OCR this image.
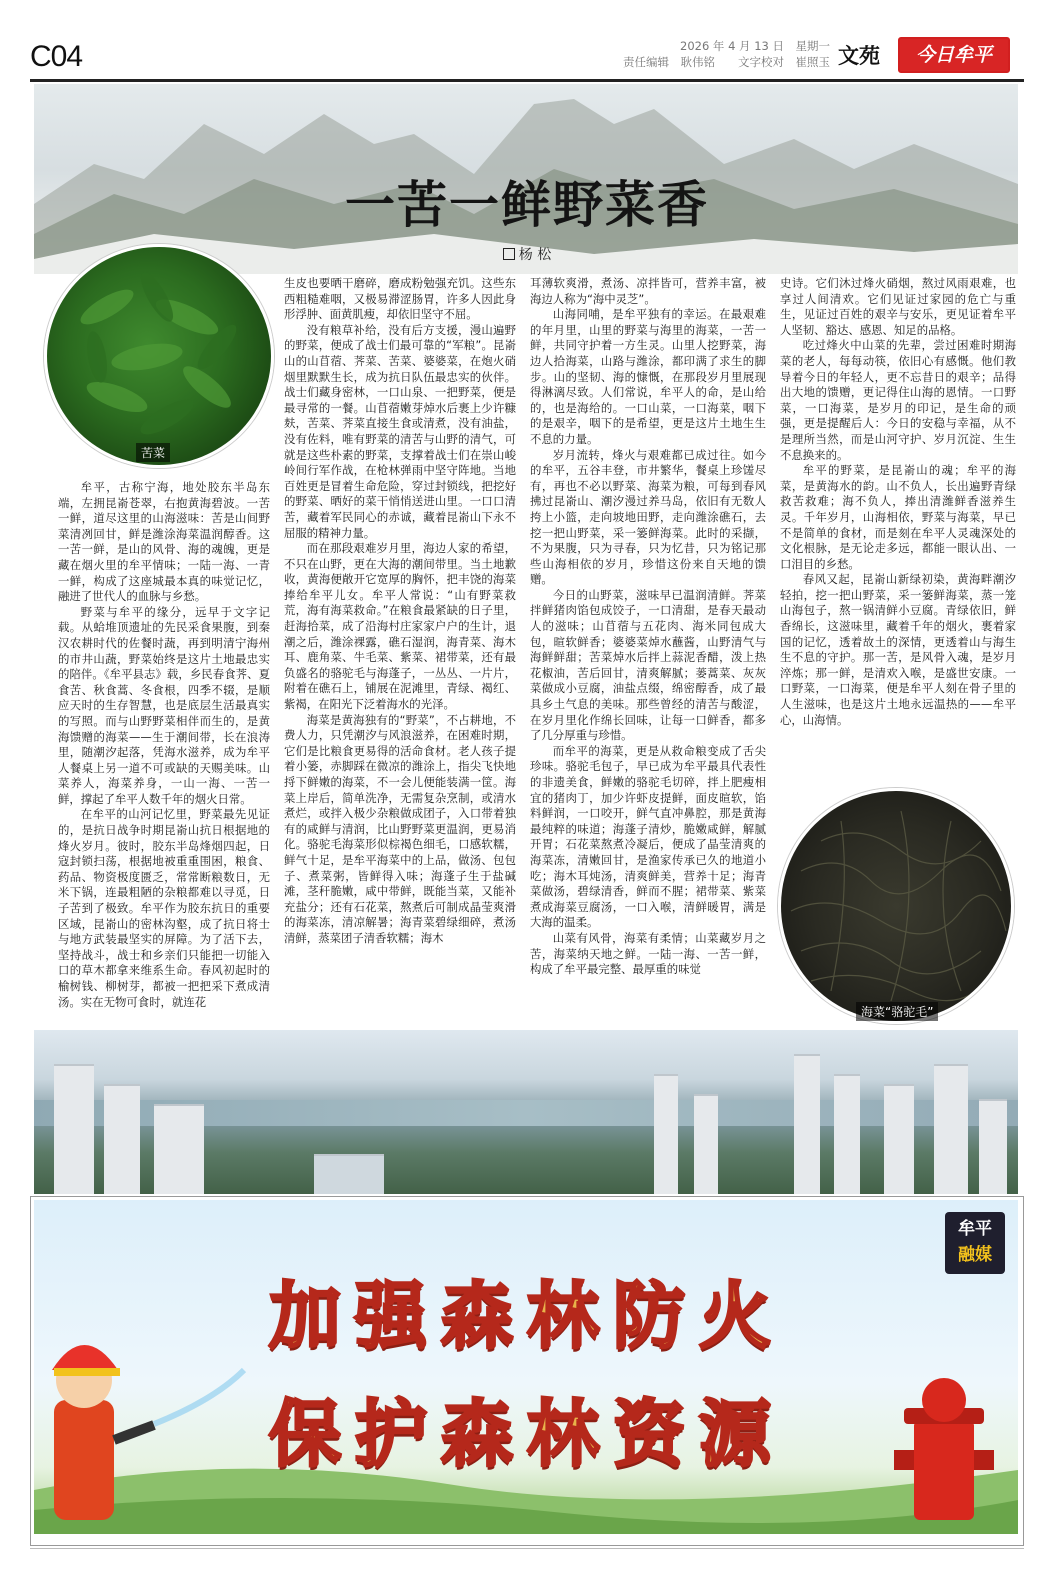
C04	2026 年 4 月 13 日　星期一
责任编辑　耿伟铭　　文字校对　崔照玉 文苑	今日牟平
一苦一鲜野菜香
杨 松
苦菜

牟平，古称宁海，地处胶东半岛东端，左拥昆嵛苍翠，右抱黄海碧波。一苦一鲜，道尽这里的山海滋味：苦是山间野菜清冽回甘，鲜是潍涂海菜温润醇香。这一苦一鲜，是山的风骨、海的魂魄，更是藏在烟火里的牟平情味；一陆一海、一青一鲜，构成了这座城最本真的味觉记忆，融进了世代人的血脉与乡愁。

野菜与牟平的缘分，远早于文字记载。从蛤堆顶遗址的先民采食果腹，到秦汉农耕时代的佐餐时蔬，再到明清宁海州的市井山蔬，野菜始终是这片土地最忠实的陪伴。《牟平县志》载，乡民春食荠、夏食苦、秋食蒿、冬食根，四季不辍，是顺应天时的生存智慧，也是底层生活最真实的写照。而与山野野菜相伴而生的，是黄海馈赠的海菜——生于潮间带，长在浪涛里，随潮汐起落，凭海水滋养，成为牟平人餐桌上另一道不可或缺的天赐美味。山菜养人，海菜养身，一山一海、一苦一鲜，撑起了牟平人数千年的烟火日常。

在牟平的山河记忆里，野菜最先见证的，是抗日战争时期昆嵛山抗日根据地的烽火岁月。彼时，胶东半岛烽烟四起，日寇封锁扫荡，根据地被重重围困，粮食、药品、物资极度匮乏，常常断粮数日，无米下锅，连最粗陋的杂粮都难以寻觅，日子苦到了极致。牟平作为胶东抗日的重要区域，昆嵛山的密林沟壑，成了抗日将士与地方武装最坚实的屏障。为了活下去，坚持战斗，战士和乡亲们只能把一切能入口的草木都拿来维系生命。春风初起时的榆树钱、柳树芽，都被一把把采下煮成清汤。实在无物可食时，就连花

生皮也要晒干磨碎，磨成粉勉强充饥。这些东西粗糙难咽，又极易滞涩肠胃，许多人因此身形浮肿、面黄肌瘦，却依旧坚守不屈。

没有粮草补给，没有后方支援，漫山遍野的野菜，便成了战士们最可靠的“军粮”。昆嵛山的山苜蓿、荠菜、苦菜、婆婆菜，在炮火硝烟里默默生长，成为抗日队伍最忠实的伙伴。战士们藏身密林，一口山泉、一把野菜，便是最寻常的一餐。山苜蓿嫩芽焯水后裹上少许糠麸，苦菜、荠菜直接生食或清煮，没有油盐，没有佐料，唯有野菜的清苦与山野的清气，可就是这些朴素的野菜，支撑着战士们在崇山峻岭间行军作战，在枪林弹雨中坚守阵地。当地百姓更是冒着生命危险，穿过封锁线，把挖好的野菜、晒好的菜干悄悄送进山里。一口口清苦，藏着军民同心的赤诚，藏着昆嵛山下永不屈服的精神力量。

而在那段艰难岁月里，海边人家的希望，不只在山野，更在大海的潮间带里。当土地歉收，黄海便敞开它宽厚的胸怀，把丰饶的海菜捧给牟平儿女。牟平人常说：“山有野菜救荒，海有海菜救命。”在粮食最紧缺的日子里，赶海拾菜，成了沿海村庄家家户户的生计，退潮之后，潍涂裸露，礁石湿润，海青菜、海木耳、鹿角菜、牛毛菜、紫菜、裙带菜，还有最负盛名的骆驼毛与海蓬子，一丛丛、一片片，附着在礁石上，铺展在泥滩里，青绿、褐红、紫褐，在阳光下泛着海水的光泽。

海菜是黄海独有的“野菜”，不占耕地，不费人力，只凭潮汐与风浪滋养，在困难时期，它们是比粮食更易得的活命食材。老人孩子提着小篓，赤脚踩在微凉的潍涂上，指尖飞快地捋下鲜嫩的海菜，不一会儿便能装满一筐。海菜上岸后，简单洗净，无需复杂烹制，或清水煮烂，或拌入极少杂粮做成团子，入口带着独有的咸鲜与清润，比山野野菜更温润，更易消化。骆驼毛海菜形似棕褐色细毛，口感软糯，鲜气十足，是牟平海菜中的上品，做汤、包包子、煮菜粥，皆鲜得入味；海蓬子生于盐碱滩，茎秆脆嫩，咸中带鲜，既能当菜，又能补充盐分；还有石花菜，熬煮后可制成晶莹爽滑的海菜冻，清凉解暑；海青菜碧绿细碎，煮汤清鲜，蒸菜团子清香软糯；海木

耳薄软爽滑，煮汤、凉拌皆可，营养丰富，被海边人称为“海中灵芝”。

山海同哺，是牟平独有的幸运。在最艰难的年月里，山里的野菜与海里的海菜，一苦一鲜，共同守护着一方生灵。山里人挖野菜，海边人拾海菜，山路与潍涂，都印满了求生的脚步。山的坚韧、海的慷慨，在那段岁月里展现得淋漓尽致。人们常说，牟平人的命，是山给的，也是海给的。一口山菜，一口海菜，咽下的是艰辛，咽下的是希望，更是这片土地生生不息的力量。

岁月流转，烽火与艰难都已成过往。如今的牟平，五谷丰登，市井繁华，餐桌上珍馐尽有，再也不必以野菜、海菜为粮，可每到春风拂过昆嵛山、潮汐漫过养马岛，依旧有无数人挎上小篮，走向坡地田野，走向潍涂礁石，去挖一把山野菜，采一篓鲜海菜。此时的采撷，不为果腹，只为寻春，只为忆昔，只为铭记那些山海相依的岁月，珍惜这份来自天地的馈赠。

今日的山野菜，滋味早已温润清鲜。荠菜拌鲜猪肉馅包成饺子，一口清甜，是春天最动人的滋味；山苜蓿与五花肉、海米同包成大包，暄软鲜香；婆婆菜焯水蘸酱，山野清气与海鲜鲜甜；苦菜焯水后拌上蒜泥香醋，泼上热花椒油，苦后回甘，清爽解腻；蒌蒿菜、灰灰菜做成小豆腐，油盐点缀，绵密醇香，成了最具乡土气息的美味。那些曾经的清苦与酸涩，在岁月里化作绵长回味，让每一口鲜香，都多了几分厚重与珍惜。

而牟平的海菜，更是从救命粮变成了舌尖珍味。骆驼毛包子，早已成为牟平最具代表性的非遗美食，鲜嫩的骆驼毛切碎，拌上肥瘦相宜的猪肉丁，加少许虾皮提鲜，面皮暄软，馅料鲜润，一口咬开，鲜气直冲鼻腔，那是黄海最纯粹的味道；海蓬子清炒，脆嫩咸鲜，解腻开胃；石花菜熬煮冷凝后，便成了晶莹清爽的海菜冻，清嫩回甘，是渔家传承已久的地道小吃；海木耳炖汤，清爽鲜美，营养十足；海青菜做汤，碧绿清香，鲜而不腥；裙带菜、紫菜煮成海菜豆腐汤，一口入喉，清鲜暖胃，满是大海的温柔。

山菜有风骨，海菜有柔情；山菜藏岁月之苦，海菜纳天地之鲜。一陆一海、一苦一鲜，构成了牟平最完整、最厚重的味觉

史诗。它们沐过烽火硝烟，熬过风雨艰难，也享过人间清欢。它们见证过家园的危亡与重生，见证过百姓的艰辛与安乐，更见证着牟平人坚韧、豁达、感恩、知足的品格。

吃过烽火中山菜的先辈，尝过困难时期海菜的老人，每每动筷，依旧心有感慨。他们教导着今日的年轻人，更不忘昔日的艰辛；品得出大地的馈赠，更记得住山海的恩情。一口野菜，一口海菜，是岁月的印记，是生命的顽强，更是提醒后人：今日的安稳与幸福，从不是理所当然，而是山河守护、岁月沉淀、生生不息换来的。

牟平的野菜，是昆嵛山的魂；牟平的海菜，是黄海水的韵。山不负人，长出遍野青绿救苦救难；海不负人，捧出清潍鲜香滋养生灵。千年岁月，山海相依，野菜与海菜，早已不是简单的食材，而是刻在牟平人灵魂深处的文化根脉，是无论走多远，都能一眼认出、一口泪目的乡愁。

春风又起，昆嵛山新绿初染，黄海畔潮汐轻拍，挖一把山野菜，采一篓鲜海菜，蒸一笼山海包子，熬一锅清鲜小豆腐。青绿依旧，鲜香绵长，这滋味里，藏着千年的烟火，裹着家国的记忆，透着故土的深情，更透着山与海生生不息的守护。那一苦，是风骨入魂，是岁月淬炼；那一鲜，是清欢入喉，是盛世安康。一口野菜，一口海菜，便是牟平人刻在骨子里的人生滋味，也是这片土地永远温热的——牟平心，山海情。

海菜“骆驼毛”
牟平
融媒
加强森林防火
保护森林资源
